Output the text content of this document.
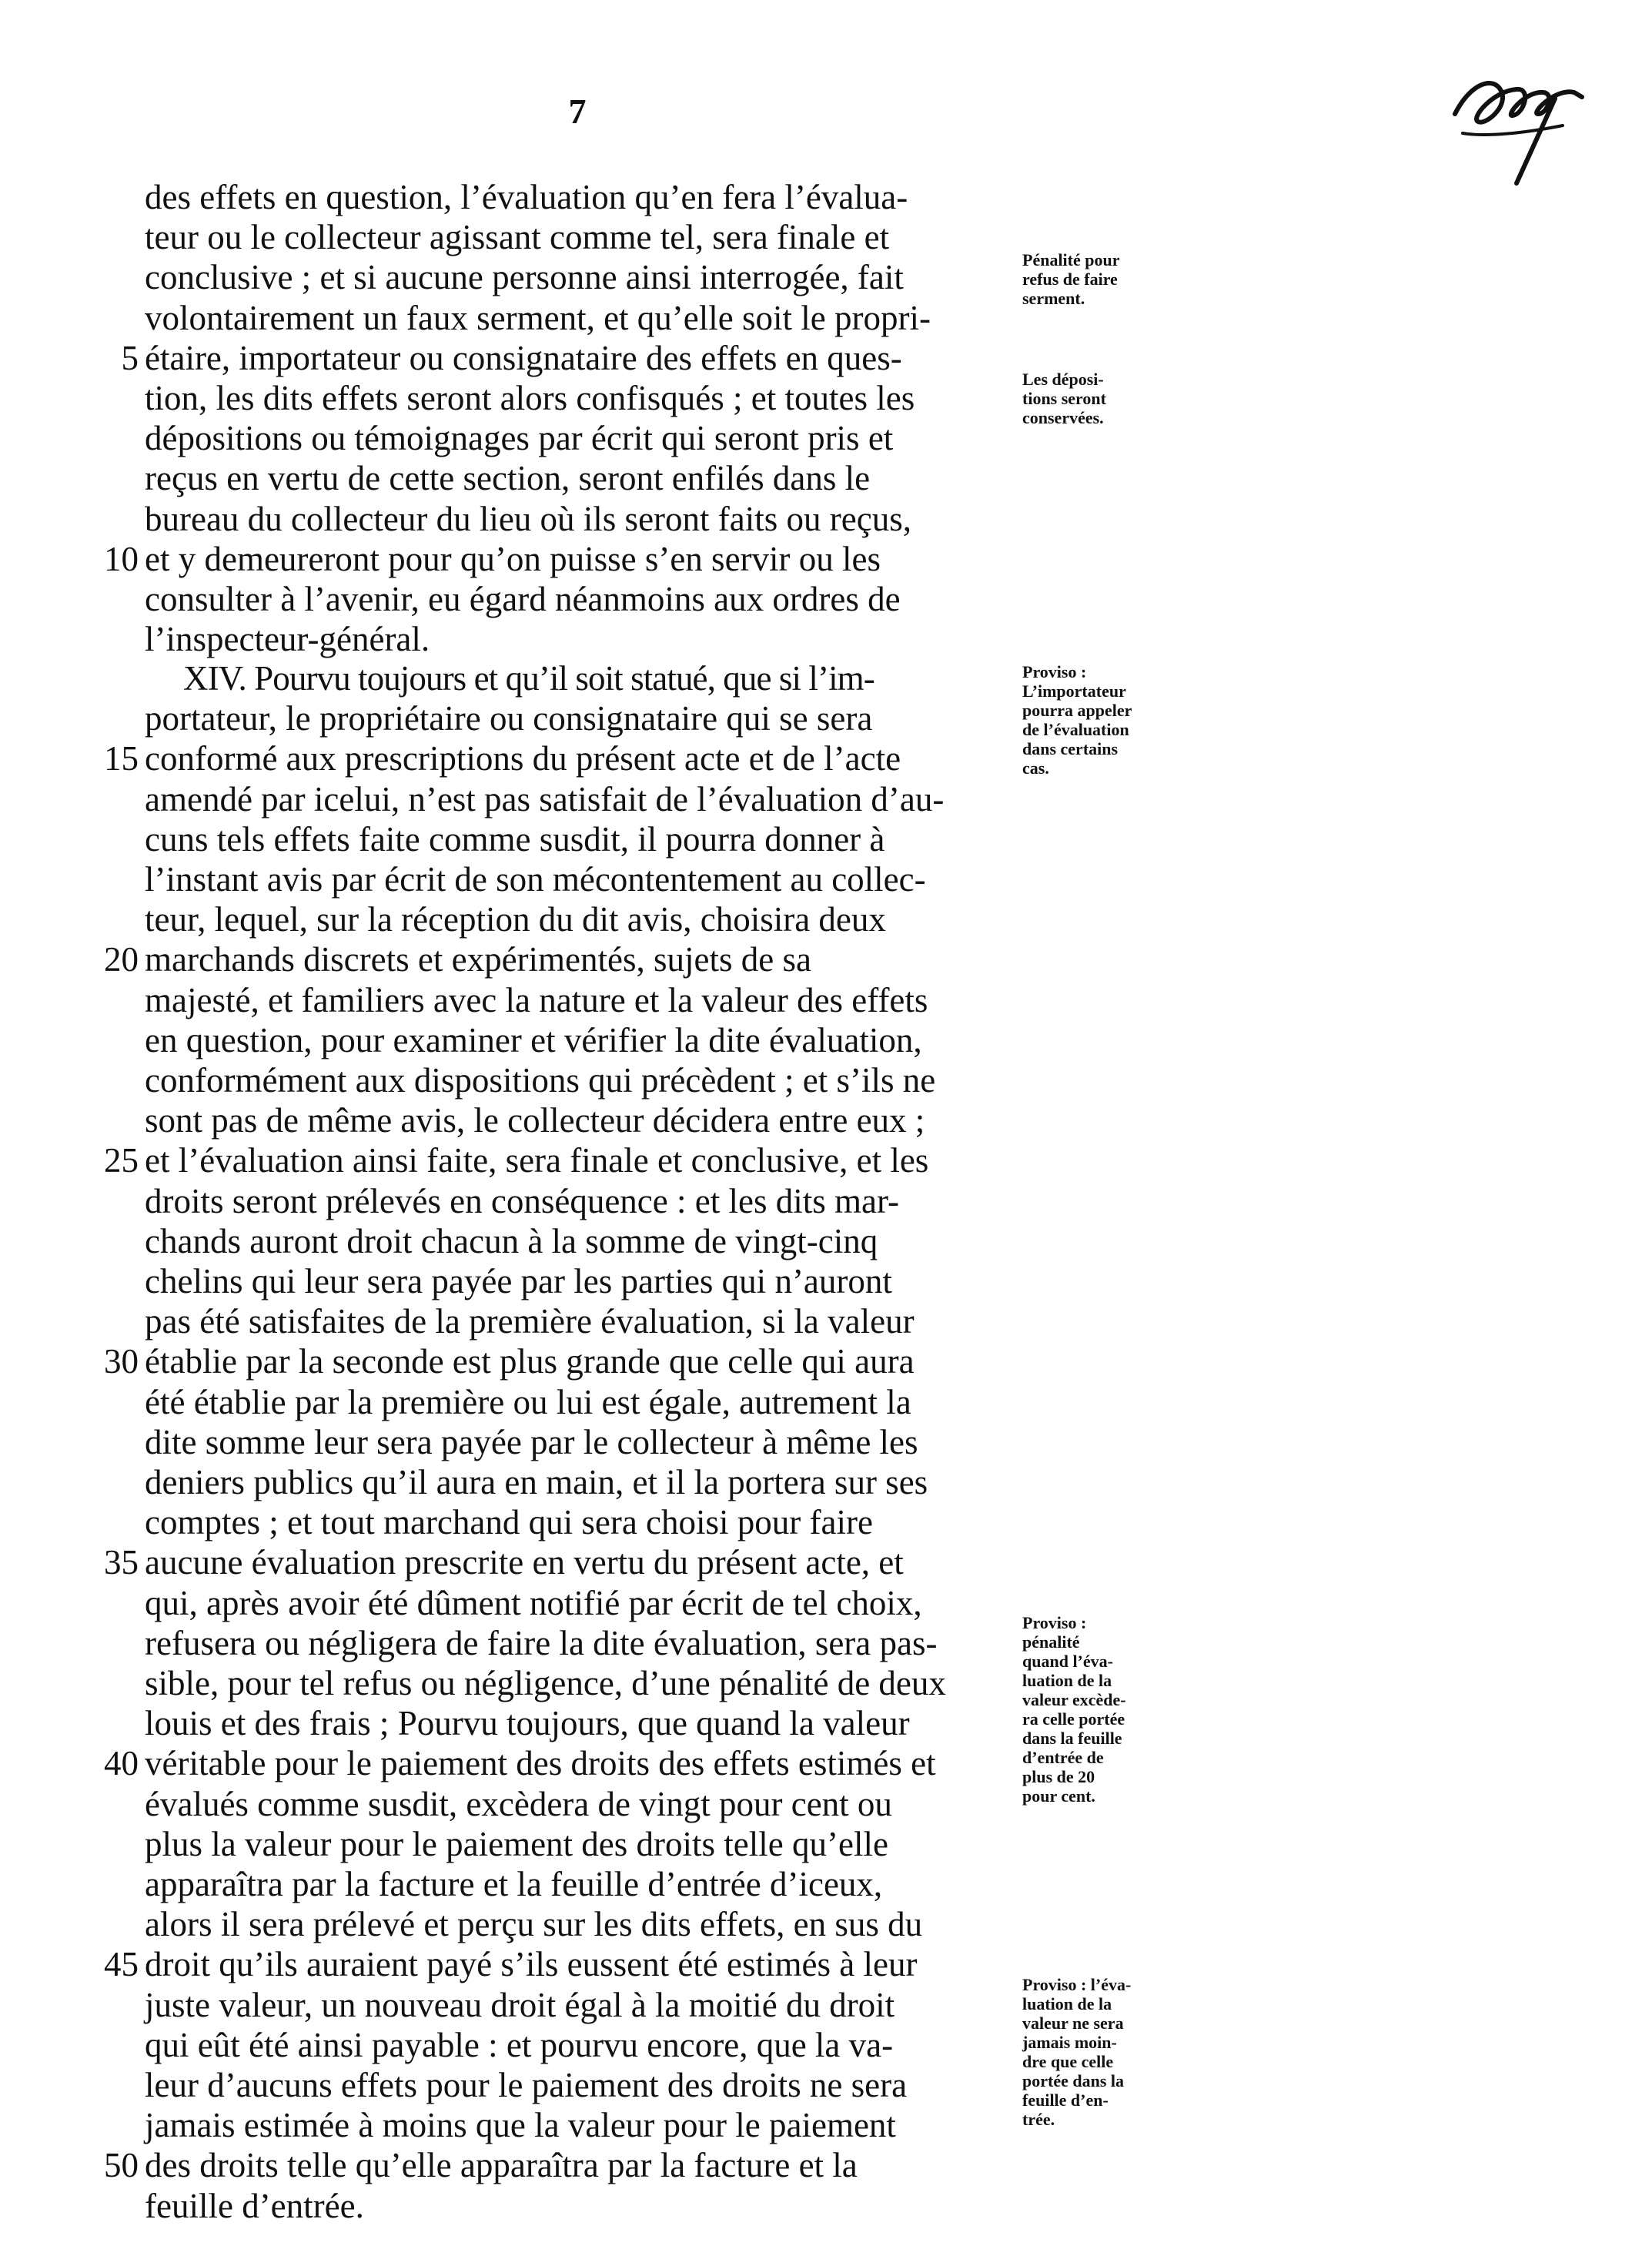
7
des effets en question, l’évaluation qu’en fera l’évalua-
teur ou le collecteur agissant comme tel, sera finale et
conclusive ; et si aucune personne ainsi interrogée, fait
volontairement un faux serment, et qu’elle soit le propri-
étaire, importateur ou consignataire des effets en ques-
5
tion, les dits effets seront alors confisqués ; et toutes les
dépositions ou témoignages par écrit qui seront pris et
reçus en vertu de cette section, seront enfilés dans le
bureau du collecteur du lieu où ils seront faits ou reçus,
et y demeureront pour qu’on puisse s’en servir ou les
10
consulter à l’avenir, eu égard néanmoins aux ordres de
l’inspecteur-général.
XIV. Pourvu toujours et qu’il soit statué, que si l’im-
portateur, le propriétaire ou consignataire qui se sera
conformé aux prescriptions du présent acte et de l’acte
15
amendé par icelui, n’est pas satisfait de l’évaluation d’au-
cuns tels effets faite comme susdit, il pourra donner à
l’instant avis par écrit de son mécontentement au collec-
teur, lequel, sur la réception du dit avis, choisira deux
marchands discrets et expérimentés, sujets de sa
20
majesté, et familiers avec la nature et la valeur des effets
en question, pour examiner et vérifier la dite évaluation,
conformément aux dispositions qui précèdent ; et s’ils ne
sont pas de même avis, le collecteur décidera entre eux ;
et l’évaluation ainsi faite, sera finale et conclusive, et les
25
droits seront prélevés en conséquence : et les dits mar-
chands auront droit chacun à la somme de vingt-cinq
chelins qui leur sera payée par les parties qui n’auront
pas été satisfaites de la première évaluation, si la valeur
établie par la seconde est plus grande que celle qui aura
30
été établie par la première ou lui est égale, autrement la
dite somme leur sera payée par le collecteur à même les
deniers publics qu’il aura en main, et il la portera sur ses
comptes ; et tout marchand qui sera choisi pour faire
aucune évaluation prescrite en vertu du présent acte, et
35
qui, après avoir été dûment notifié par écrit de tel choix,
refusera ou négligera de faire la dite évaluation, sera pas-
sible, pour tel refus ou négligence, d’une pénalité de deux
louis et des frais ; Pourvu toujours, que quand la valeur
véritable pour le paiement des droits des effets estimés et
40
évalués comme susdit, excèdera de vingt pour cent ou
plus la valeur pour le paiement des droits telle qu’elle
apparaîtra par la facture et la feuille d’entrée d’iceux,
alors il sera prélevé et perçu sur les dits effets, en sus du
droit qu’ils auraient payé s’ils eussent été estimés à leur
45
juste valeur, un nouveau droit égal à la moitié du droit
qui eût été ainsi payable : et pourvu encore, que la va-
leur d’aucuns effets pour le paiement des droits ne sera
jamais estimée à moins que la valeur pour le paiement
des droits telle qu’elle apparaîtra par la facture et la
50
feuille d’entrée.
Pénalité pour
refus de faire
serment.
Les déposi-
tions seront
conservées.
Proviso :
L’importateur
pourra appeler
de l’évaluation
dans certains
cas.
Proviso :
pénalité
quand l’éva-
luation de la
valeur excède-
ra celle portée
dans la feuille
d’entrée de
plus de 20
pour cent.
Proviso : l’éva-
luation de la
valeur ne sera
jamais moin-
dre que celle
portée dans la
feuille d’en-
trée.
